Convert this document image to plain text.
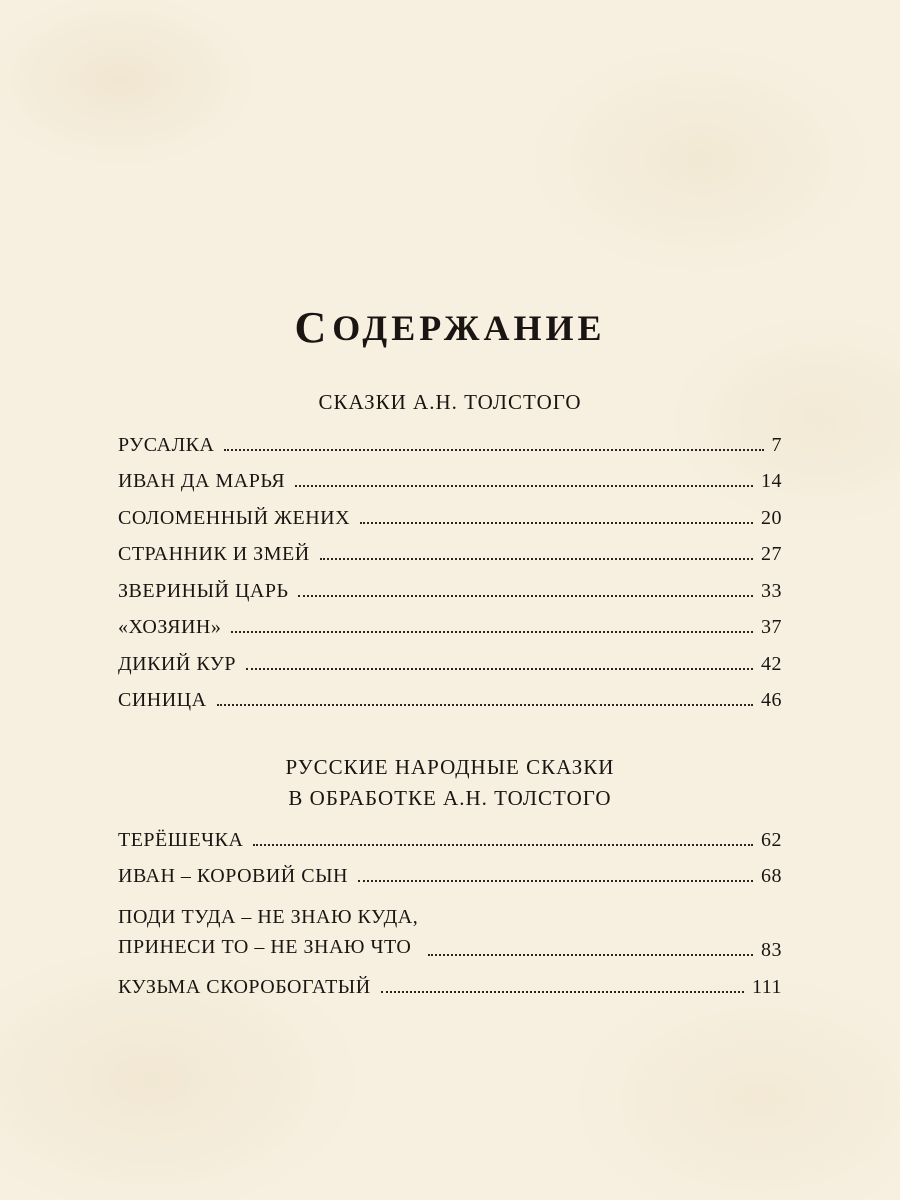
СОДЕРЖАНИЕ
СКАЗКИ А.Н. ТОЛСТОГО
РУСАЛКА	7
ИВАН ДА МАРЬЯ	14
СОЛОМЕННЫЙ ЖЕНИХ	20
СТРАННИК И ЗМЕЙ	27
ЗВЕРИНЫЙ ЦАРЬ	33
«ХОЗЯИН»	37
ДИКИЙ КУР	42
СИНИЦА	46
РУССКИЕ НАРОДНЫЕ СКАЗКИ
В ОБРАБОТКЕ А.Н. ТОЛСТОГО
ТЕРЁШЕЧКА	62
ИВАН – КОРОВИЙ СЫН	68
ПОДИ ТУДА – НЕ ЗНАЮ КУДА,
ПРИНЕСИ ТО – НЕ ЗНАЮ ЧТО	83
КУЗЬМА СКОРОБОГАТЫЙ	111
